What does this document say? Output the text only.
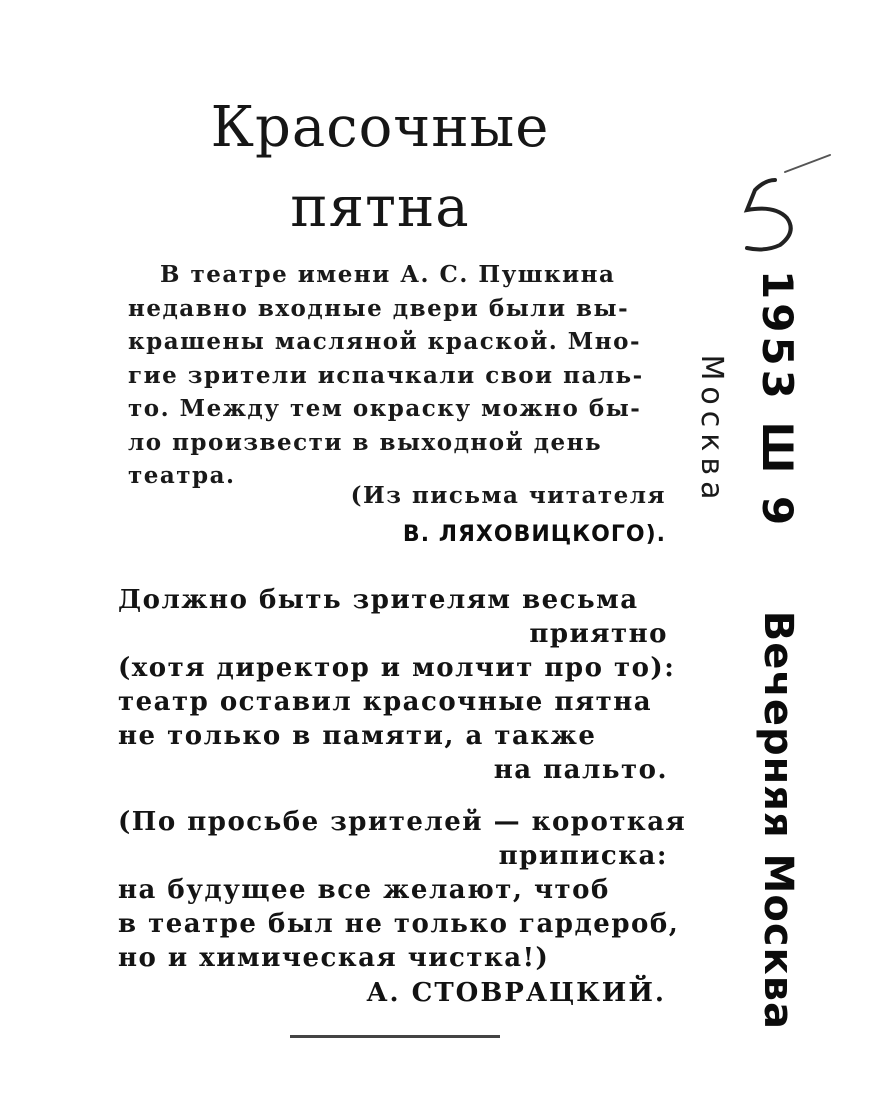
Красочные
пятна
В театре имени А. С. Пушкина
недавно входные двери были вы-
крашены масляной краской. Мно-
гие зрители испачкали свои паль-
то. Между тем окраску можно бы-
ло произвести в выходной день
театра.
(Из письма читателя
В. ЛЯХОВИЦКОГО).
Должно быть зрителям весьма
приятно
(хотя директор и молчит про то):
театр оставил красочные пятна
не только в памяти, а также
на пальто.
(По просьбе зрителей — короткая
приписка:
на будущее все желают, чтоб
в театре был не только гардероб,
но и химическая чистка!)
А. СТОВРАЦКИЙ.
Москва 1953 Ш 9
Вечерняя Москва
